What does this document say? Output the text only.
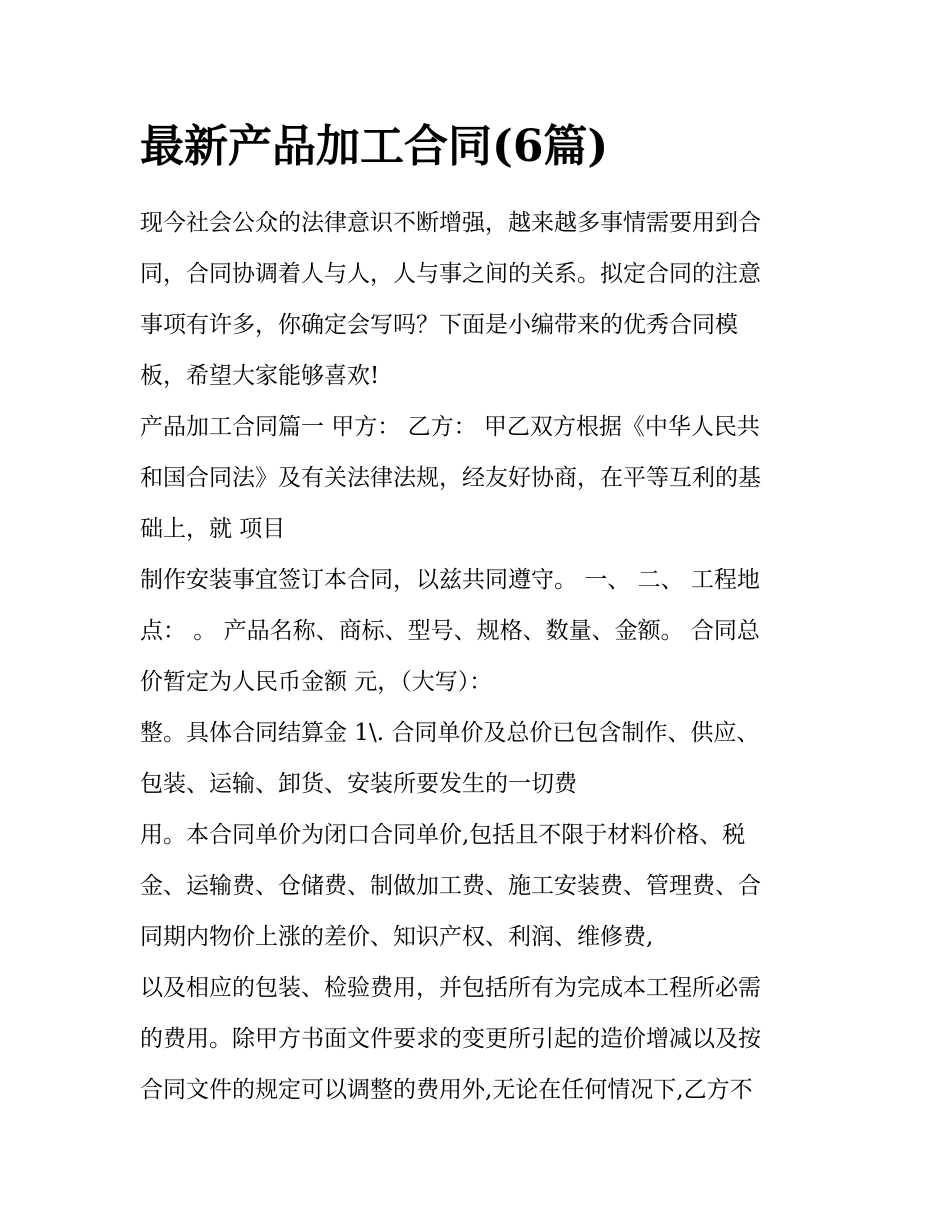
最新产品加工合同(6篇)
现今社会公众的法律意识不断增强，越来越多事情需要用到合
同，合同协调着人与人，人与事之间的关系。拟定合同的注意
事项有许多，你确定会写吗？下面是小编带来的优秀合同模
板，希望大家能够喜欢!
产品加工合同篇一 甲方： 乙方： 甲乙双方根据《中华人民共
和国合同法》及有关法律法规，经友好协商，在平等互利的基
础上，就 项目
制作安装事宜签订本合同，以兹共同遵守。 一、 二、 工程地
点： 。 产品名称、商标、型号、规格、数量、金额。 合同总
价暂定为人民币金额 元，（大写）：
整。具体合同结算金 1\. 合同单价及总价已包含制作、供应、
包装、运输、卸货、安装所要发生的一切费
用。本合同单价为闭口合同单价,包括且不限于材料价格、税
金、运输费、仓储费、制做加工费、施工安装费、管理费、合
同期内物价上涨的差价、知识产权、利润、维修费,
以及相应的包装、检验费用，并包括所有为完成本工程所必需
的费用。除甲方书面文件要求的变更所引起的造价增减以及按
合同文件的规定可以调整的费用外,无论在任何情况下,乙方不
